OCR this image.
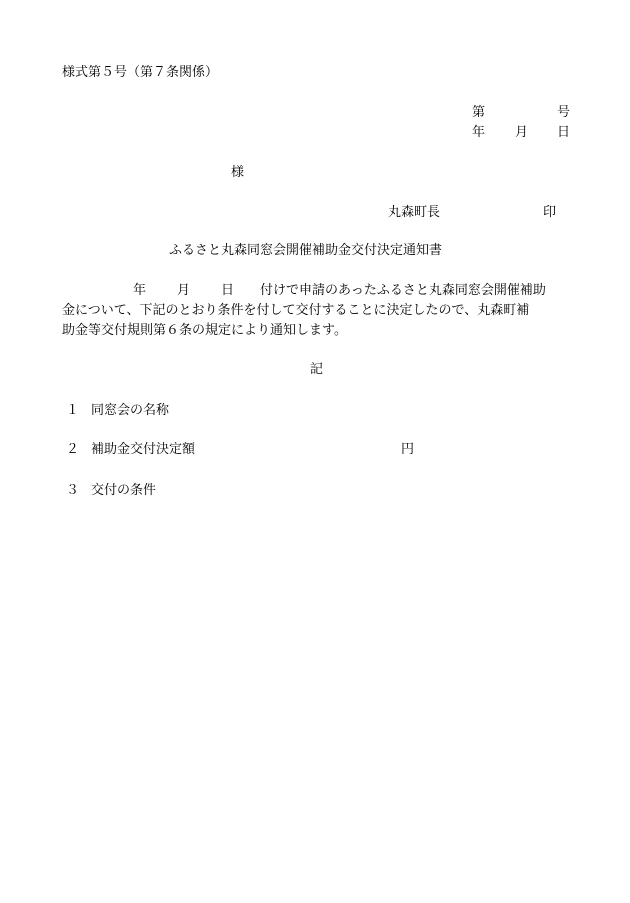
様式第５号（第７条関係）
第	号
年 月 日
様
丸森町長	印
ふるさと丸森同窓会開催補助金交付決定通知書
年 月 日 付けで申請のあったふるさと丸森同窓会開催補助
金について、下記のとおり条件を付して交付することに決定したので、丸森町補
助金等交付規則第６条の規定により通知します。
記
１ 同窓会の名称
２ 補助金交付決定額	円
３ 交付の条件
